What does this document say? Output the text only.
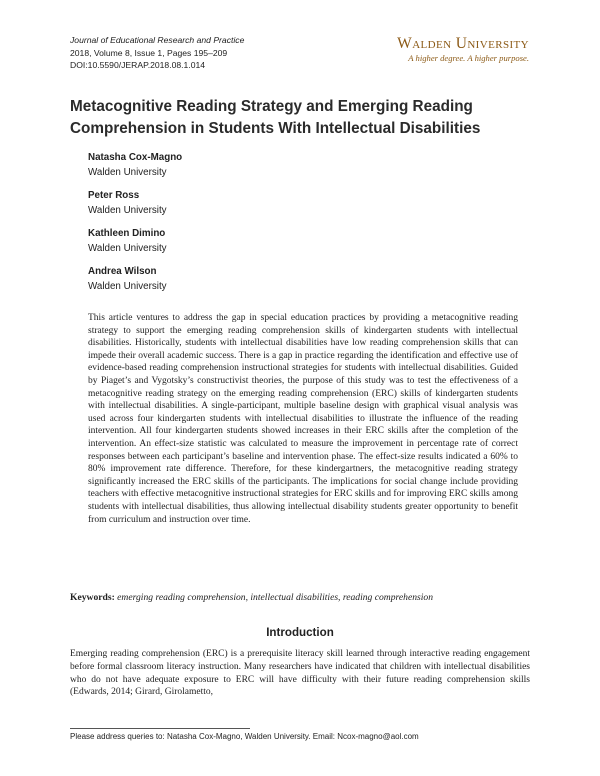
Journal of Educational Research and Practice
2018, Volume 8, Issue 1, Pages 195–209
DOI:10.5590/JERAP.2018.08.1.014
Walden University
A higher degree. A higher purpose.
Metacognitive Reading Strategy and Emerging Reading Comprehension in Students With Intellectual Disabilities
Natasha Cox-Magno
Walden University
Peter Ross
Walden University
Kathleen Dimino
Walden University
Andrea Wilson
Walden University

This article ventures to address the gap in special education practices by providing a metacognitive reading strategy to support the emerging reading comprehension skills of kindergarten students with intellectual disabilities. Historically, students with intellectual disabilities have low reading comprehension skills that can impede their overall academic success. There is a gap in practice regarding the identification and effective use of evidence-based reading comprehension instructional strategies for students with intellectual disabilities. Guided by Piaget’s and Vygotsky’s constructivist theories, the purpose of this study was to test the effectiveness of a metacognitive reading strategy on the emerging reading comprehension (ERC) skills of kindergarten students with intellectual disabilities. A single-participant, multiple baseline design with graphical visual analysis was used across four kindergarten students with intellectual disabilities to illustrate the influence of the reading intervention. All four kindergarten students showed increases in their ERC skills after the completion of the intervention. An effect-size statistic was calculated to measure the improvement in percentage rate of correct responses between each participant’s baseline and intervention phase. The effect-size results indicated a 60% to 80% improvement rate difference. Therefore, for these kindergartners, the metacognitive reading strategy significantly increased the ERC skills of the participants. The implications for social change include providing teachers with effective metacognitive instructional strategies for ERC skills and for improving ERC skills among students with intellectual disabilities, thus allowing intellectual disability students greater opportunity to benefit from curriculum and instruction over time.

Keywords: emerging reading comprehension, intellectual disabilities, reading comprehension
Introduction

Emerging reading comprehension (ERC) is a prerequisite literacy skill learned through interactive reading engagement before formal classroom literacy instruction. Many researchers have indicated that children with intellectual disabilities who do not have adequate exposure to ERC will have difficulty with their future reading comprehension skills (Edwards, 2014; Girard, Girolametto,

Please address queries to: Natasha Cox-Magno, Walden University. Email: Ncox-magno@aol.com
